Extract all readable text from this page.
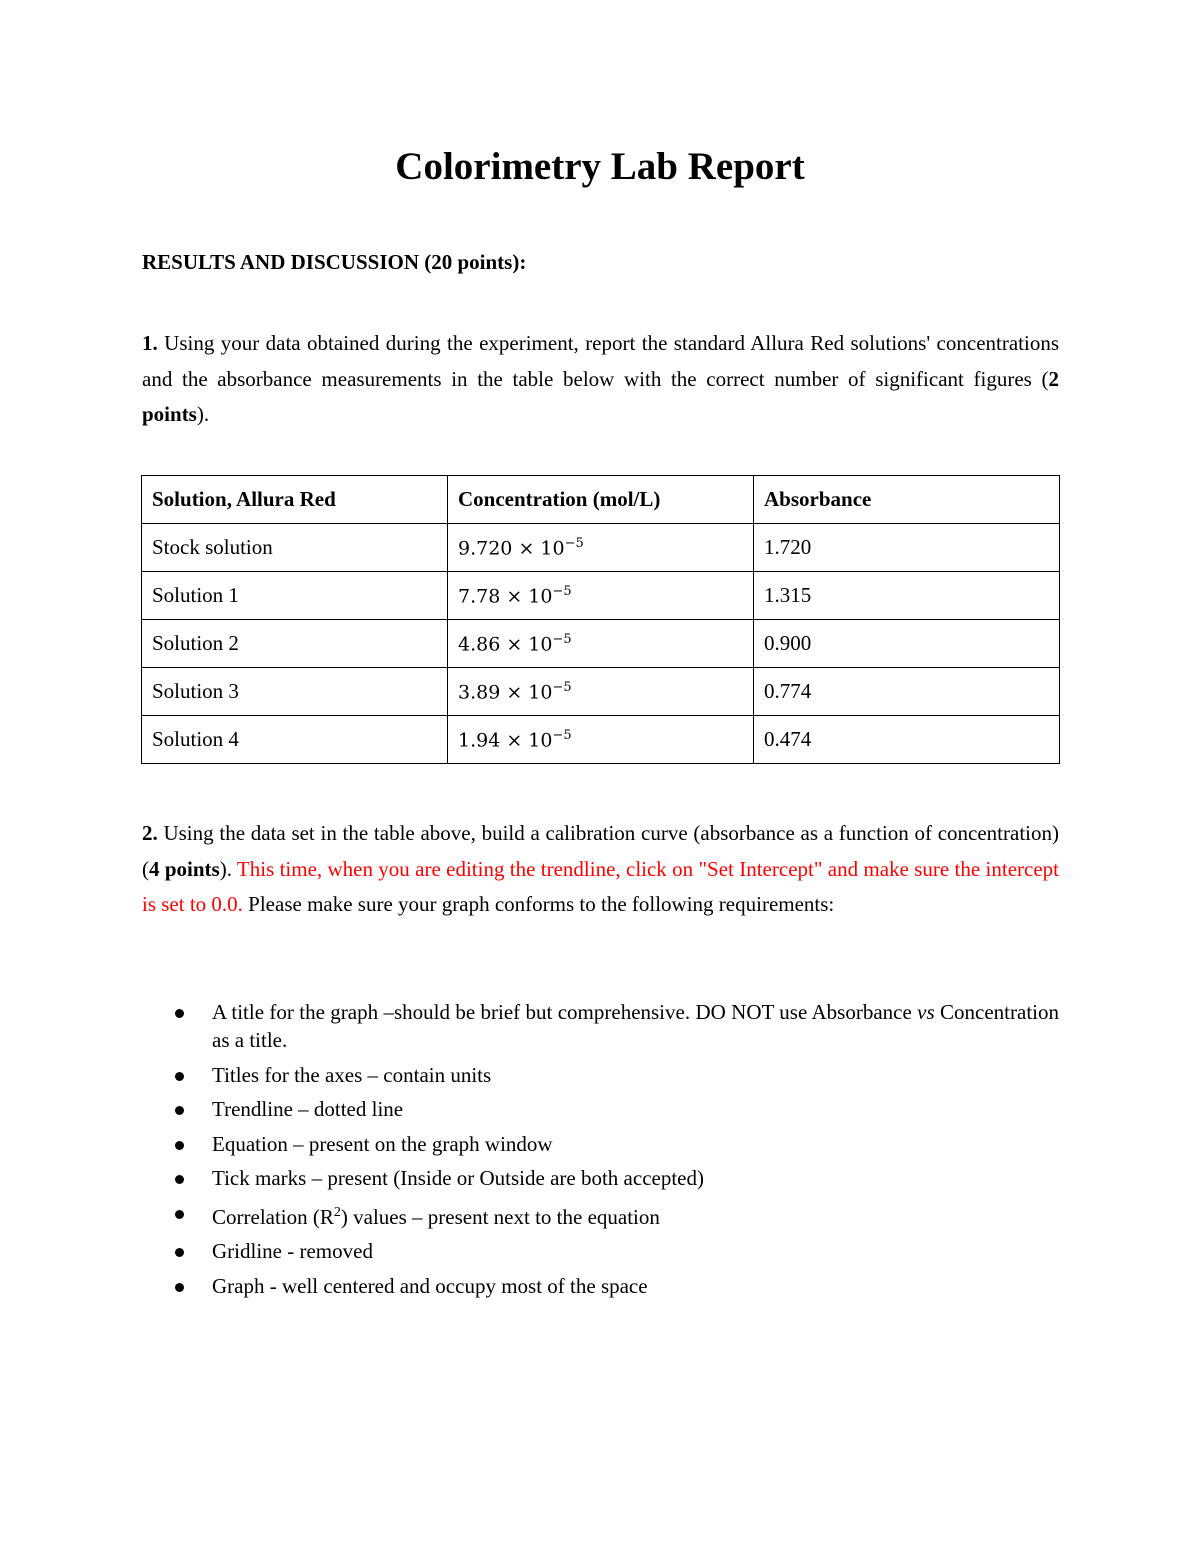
Colorimetry Lab Report
RESULTS AND DISCUSSION (20 points):

1. Using your data obtained during the experiment, report the standard Allura Red solutions' concentrations and the absorbance measurements in the table below with the correct number of significant figures (2 points).

Solution, Allura Red	Concentration (mol/L)	Absorbance
Stock solution	$9.720 \times 10^{-5}$	1.720
Solution 1	$7.78 \times 10^{-5}$	1.315
Solution 2	$4.86 \times 10^{-5}$	0.900
Solution 3	$3.89 \times 10^{-5}$	0.774
Solution 4	$1.94 \times 10^{-5}$	0.474

2. Using the data set in the table above, build a calibration curve (absorbance as a function of concentration) (4 points). This time, when you are editing the trendline, click on "Set Intercept" and make sure the intercept is set to 0.0. Please make sure your graph conforms to the following requirements:

A title for the graph –should be brief but comprehensive. DO NOT use Absorbance vs Concentration as a title.
Titles for the axes – contain units
Trendline – dotted line
Equation – present on the graph window
Tick marks – present (Inside or Outside are both accepted)
Correlation $(R^2)$ values – present next to the equation
Gridline - removed
Graph - well centered and occupy most of the space
